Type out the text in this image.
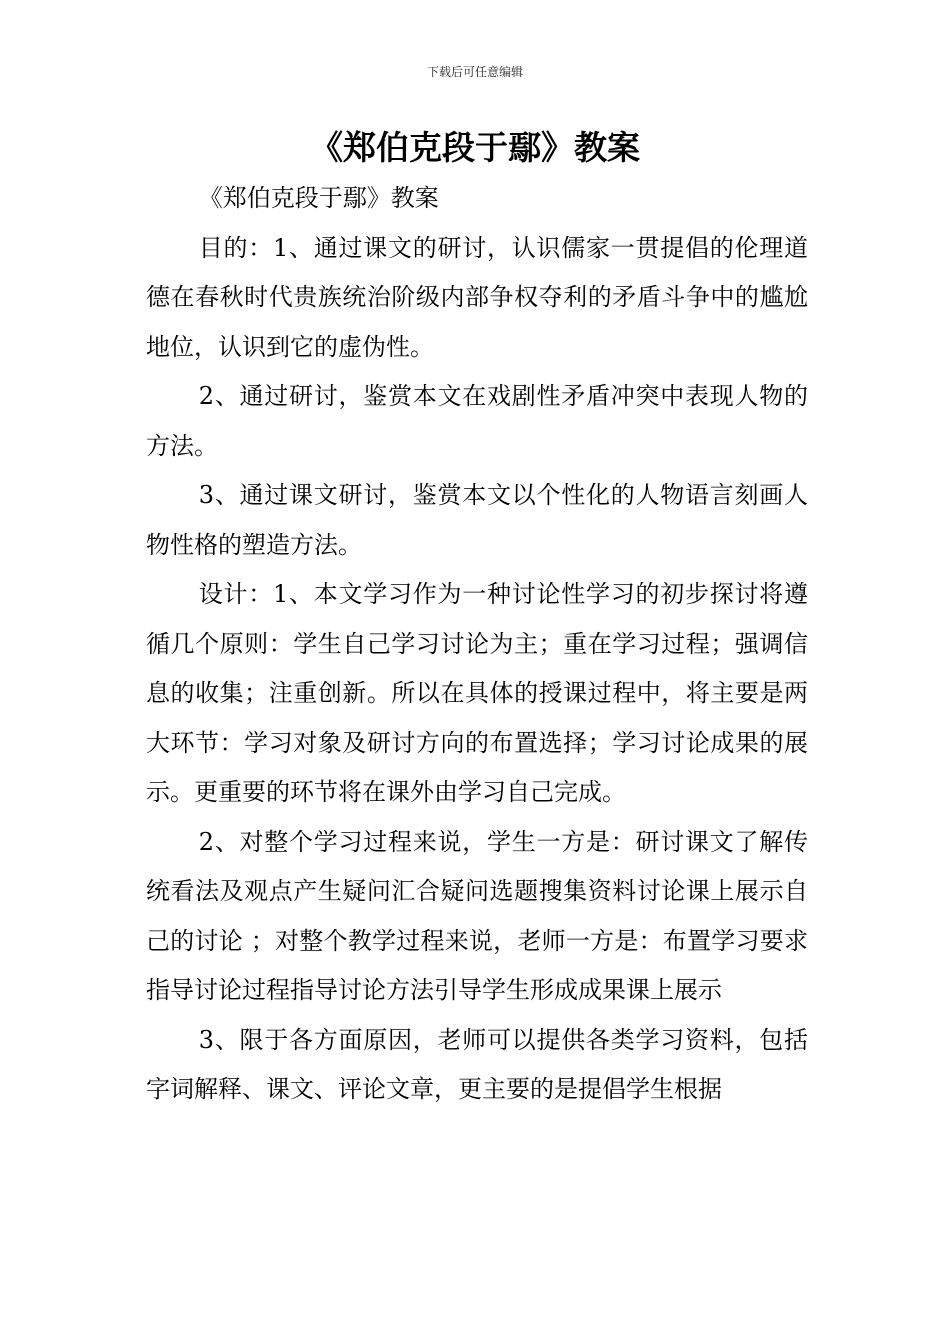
下载后可任意编辑
《郑伯克段于鄢》教案

《郑伯克段于鄢》教案

目的：1、通过课文的研讨，认识儒家一贯提倡的伦理道德在春秋时代贵族统治阶级内部争权夺利的矛盾斗争中的尴尬地位，认识到它的虚伪性。

2、通过研讨，鉴赏本文在戏剧性矛盾冲突中表现人物的方法。

3、通过课文研讨，鉴赏本文以个性化的人物语言刻画人物性格的塑造方法。

设计：1、本文学习作为一种讨论性学习的初步探讨将遵循几个原则：学生自己学习讨论为主；重在学习过程；强调信息的收集；注重创新。所以在具体的授课过程中，将主要是两大环节：学习对象及研讨方向的布置选择；学习讨论成果的展示。更重要的环节将在课外由学习自己完成。

2、对整个学习过程来说，学生一方是：研讨课文了解传统看法及观点产生疑问汇合疑问选题搜集资料讨论课上展示自己的讨论 ；对整个教学过程来说，老师一方是：布置学习要求指导讨论过程指导讨论方法引导学生形成成果课上展示

3、限于各方面原因，老师可以提供各类学习资料，包括字词解释、课文、评论文章，更主要的是提倡学生根据
